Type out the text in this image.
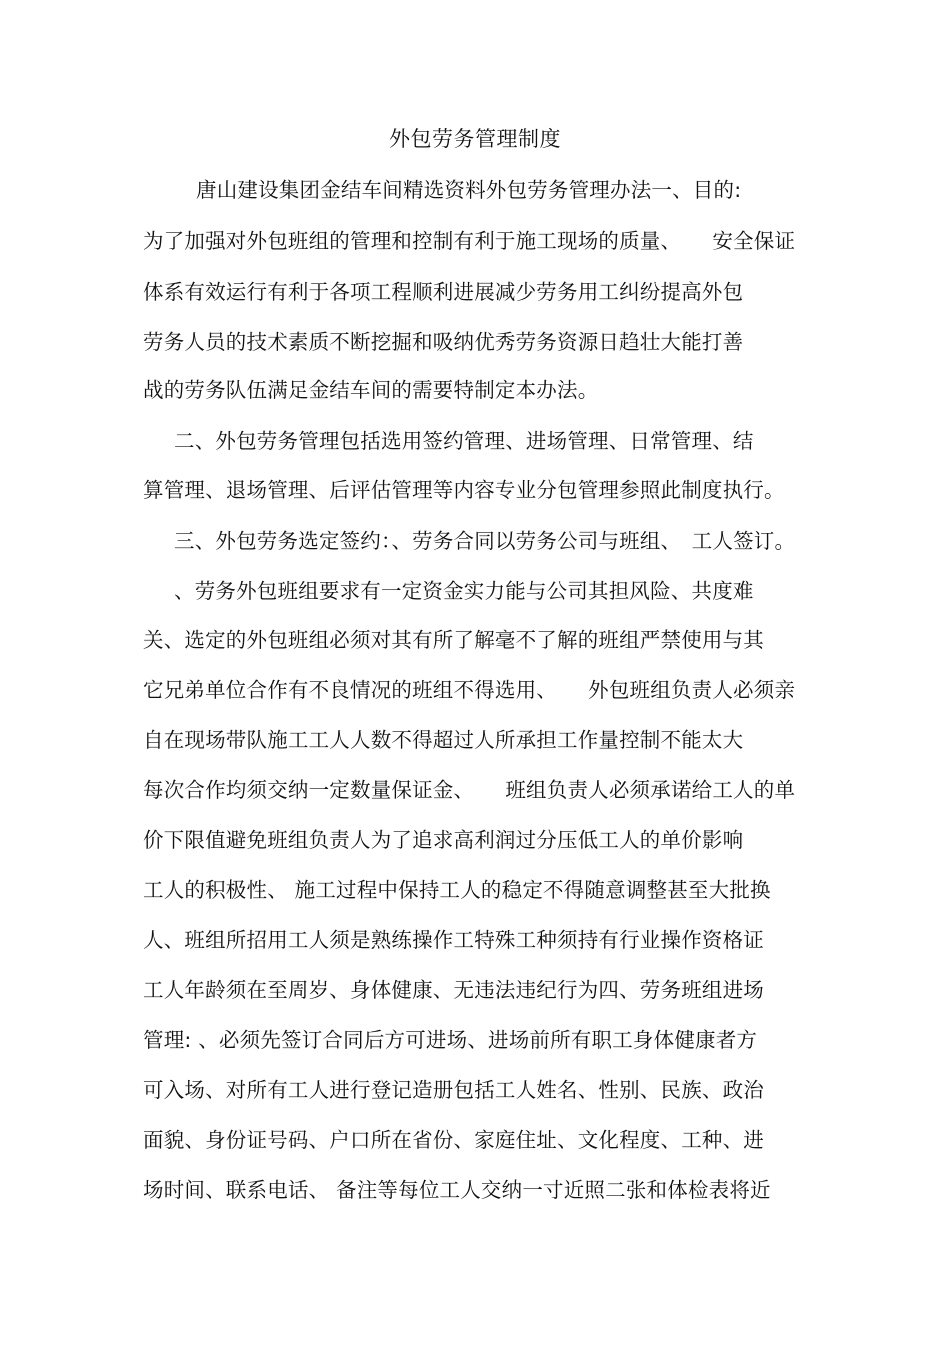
外包劳务管理制度
唐山建设集团金结车间精选资料外包劳务管理办法一、目的:
为了加强对外包班组的管理和控制有利于施工现场的质量、　　安全保证
体系有效运行有利于各项工程顺利进展减少劳务用工纠纷提高外包
劳务人员的技术素质不断挖掘和吸纳优秀劳务资源日趋壮大能打善
战的劳务队伍满足金结车间的需要特制定本办法。
二、外包劳务管理包括选用签约管理、进场管理、日常管理、结
算管理、退场管理、后评估管理等内容专业分包管理参照此制度执行。
三、外包劳务选定签约：、劳务合同以劳务公司与班组、　工人签订。
、劳务外包班组要求有一定资金实力能与公司其担风险、共度难
关、选定的外包班组必须对其有所了解毫不了解的班组严禁使用与其
它兄弟单位合作有不良情况的班组不得选用、　　外包班组负责人必须亲
自在现场带队施工工人人数不得超过人所承担工作量控制不能太大
每次合作均须交纳一定数量保证金、　　班组负责人必须承诺给工人的单
价下限值避免班组负责人为了追求高利润过分压低工人的单价影响
工人的积极性、 施工过程中保持工人的稳定不得随意调整甚至大批换
人、班组所招用工人须是熟练操作工特殊工种须持有行业操作资格证
工人年龄须在至周岁、身体健康、无违法违纪行为四、劳务班组进场
管理: 、必须先签订合同后方可进场、进场前所有职工身体健康者方
可入场、对所有工人进行登记造册包括工人姓名、性别、民族、政治
面貌、身份证号码、户口所在省份、家庭住址、文化程度、工种、进
场时间、联系电话、 备注等每位工人交纳一寸近照二张和体检表将近
